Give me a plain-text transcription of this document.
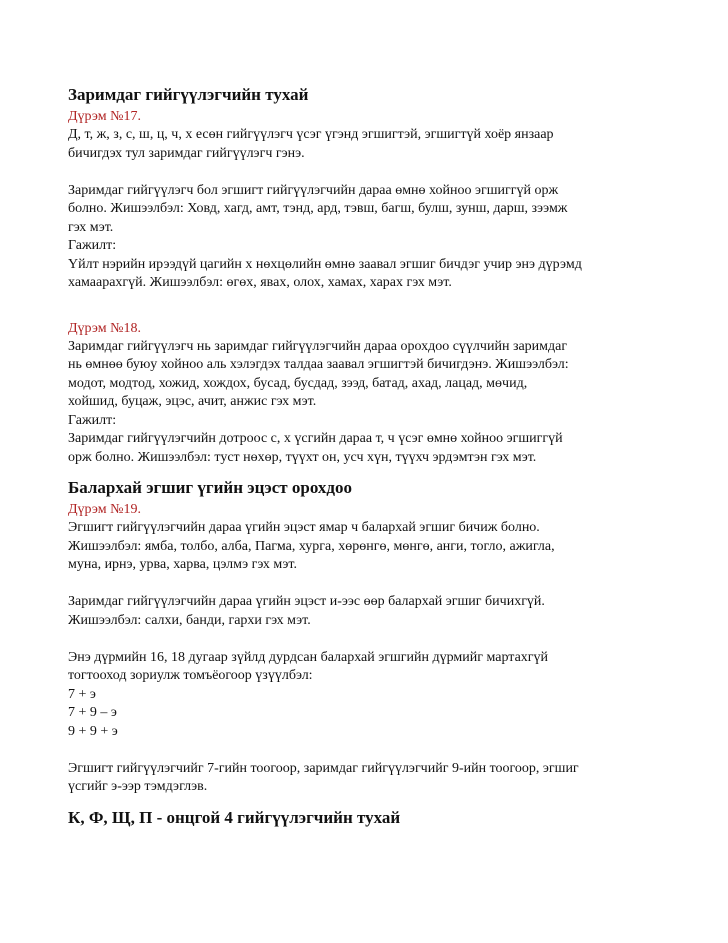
Заримдаг гийгүүлэгчийн тухай
Дүрэм №17.
Д, т, ж, з, с, ш, ц, ч, х есөн гийгүүлэгч үсэг үгэнд эгшигтэй, эгшигтүй хоёр янзаар
бичигдэх тул заримдаг гийгүүлэгч гэнэ.
Заримдаг гийгүүлэгч бол эгшигт гийгүүлэгчийн дараа өмнө хойноо эгшиггүй орж
болно. Жишээлбэл: Ховд, хагд, амт, тэнд, ард, тэвш, багш, булш, зунш, дарш, зээмж
гэх мэт.
Гажилт:
Үйлт нэрийн ирээдүй цагийн х нөхцөлийн өмнө заавал эгшиг бичдэг учир энэ дүрэмд
хамаарахгүй. Жишээлбэл: өгөх, явах, олох, хамах, харах гэх мэт.
Дүрэм №18.
Заримдаг гийгүүлэгч нь заримдаг гийгүүлэгчийн дараа орохдоо сүүлчийн заримдаг
нь өмнөө буюу хойноо аль хэлэгдэх талдаа заавал эгшигтэй бичигдэнэ. Жишээлбэл:
модот, модтод, хожид, хождох, бусад, бусдад, зээд, батад, ахад, лацад, мөчид,
хойшид, буцаж, эцэс, ачит, анжис гэх мэт.
Гажилт:
Заримдаг гийгүүлэгчийн дотроос с, х үсгийн дараа т, ч үсэг өмнө хойноо эгшиггүй
орж болно. Жишээлбэл: туст нөхөр, түүхт он, усч хүн, түүхч эрдэмтэн гэх мэт.
Балархай эгшиг үгийн эцэст орохдоо
Дүрэм №19.
Эгшигт гийгүүлэгчийн дараа үгийн эцэст ямар ч балархай эгшиг бичиж болно.
Жишээлбэл: ямба, толбо, алба, Пагма, хурга, хөрөнгө, мөнгө, анги, тогло, ажигла,
муна, ирнэ, урва, харва, цэлмэ гэх мэт.
Заримдаг гийгүүлэгчийн дараа үгийн эцэст и-ээс өөр балархай эгшиг бичихгүй.
Жишээлбэл: салхи, банди, гархи гэх мэт.
Энэ дүрмийн 16, 18 дугаар зүйлд дурдсан балархай эгшгийн дүрмийг мартахгүй
тогтооход зориулж томъёогоор үзүүлбэл:
7 + э
7 + 9 – э
9 + 9 + э
Эгшигт гийгүүлэгчийг 7-гийн тоогоор, заримдаг гийгүүлэгчийг 9-ийн тоогоор, эгшиг
үсгийг э-ээр тэмдэглэв.
К, Ф, Щ, П - онцгой 4 гийгүүлэгчийн тухай
